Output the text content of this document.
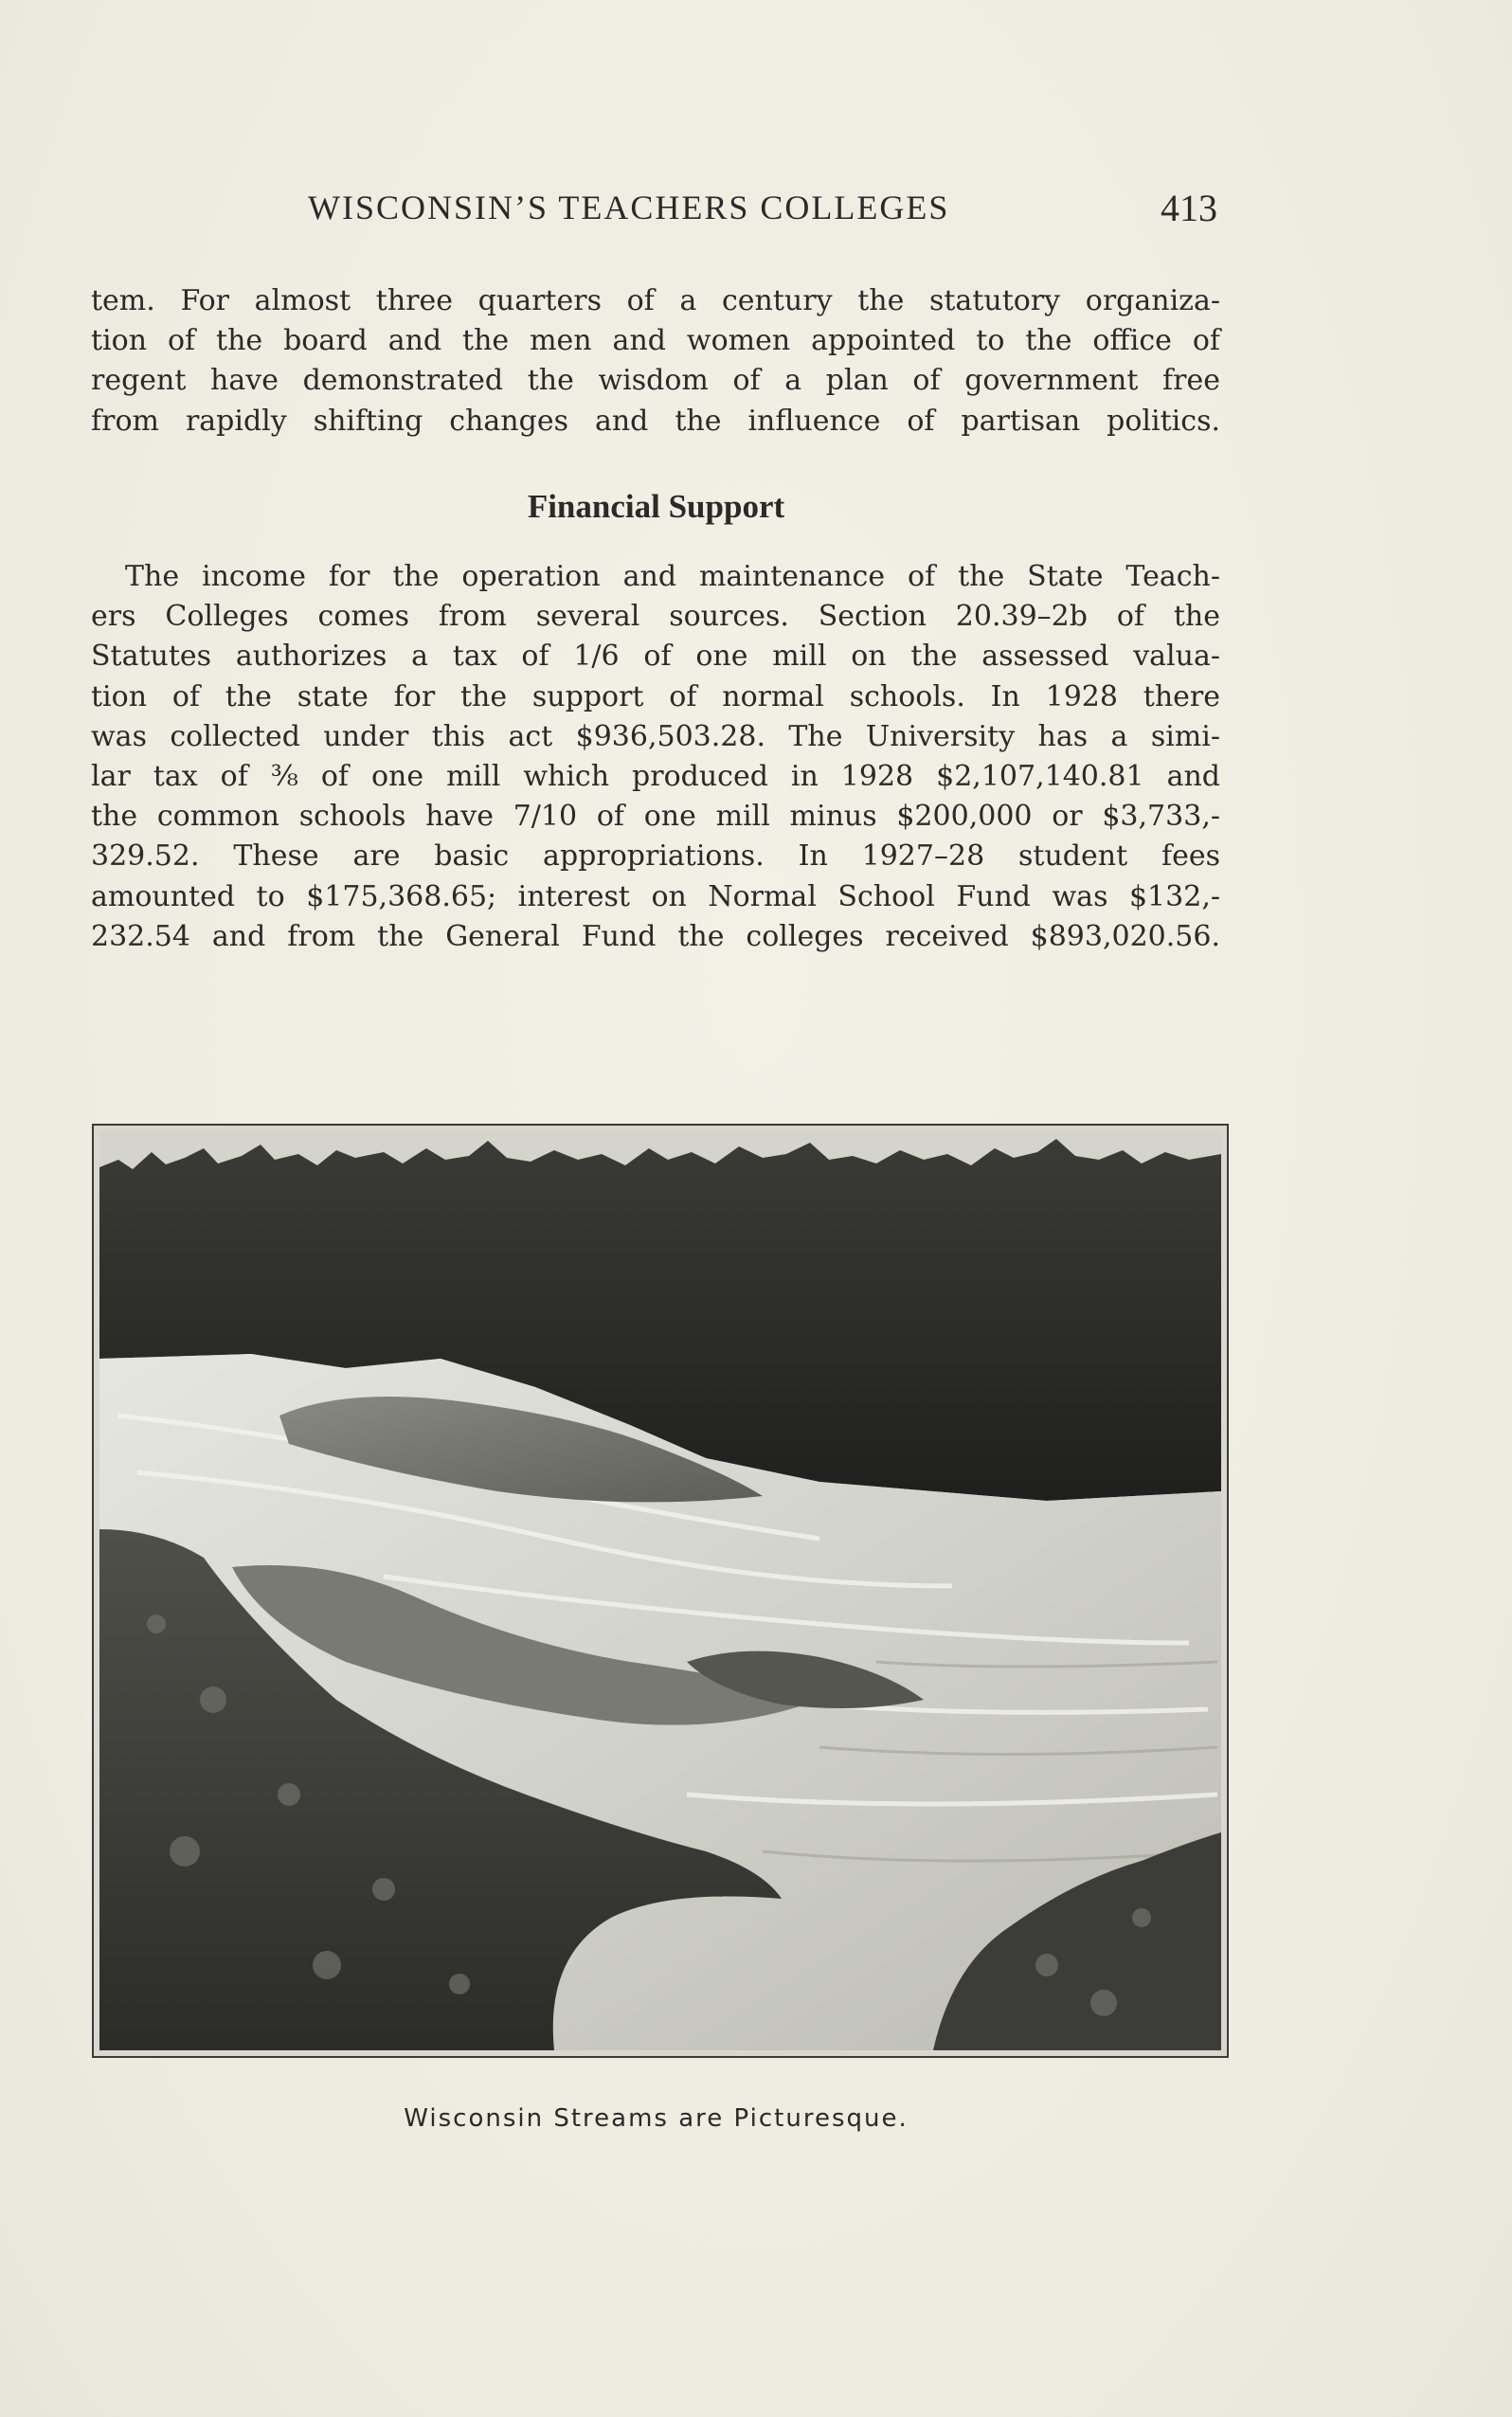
WISCONSIN’S TEACHERS COLLEGES	413
tem. For almost three quarters of a century the statutory organiza-
tion of the board and the men and women appointed to the office of
regent have demonstrated the wisdom of a plan of government free
from rapidly shifting changes and the influence of partisan politics.
Financial Support
The income for the operation and maintenance of the State Teach-
ers Colleges comes from several sources. Section 20.39–2b of the
Statutes authorizes a tax of 1/6 of one mill on the assessed valua-
tion of the state for the support of normal schools. In 1928 there
was collected under this act $936,503.28. The University has a simi-
lar tax of ⅜ of one mill which produced in 1928 $2,107,140.81 and
the common schools have 7/10 of one mill minus $200,000 or $3,733,-
329.52. These are basic appropriations. In 1927–28 student fees
amounted to $175,368.65; interest on Normal School Fund was $132,-
232.54 and from the General Fund the colleges received $893,020.56.
Wisconsin Streams are Picturesque.
